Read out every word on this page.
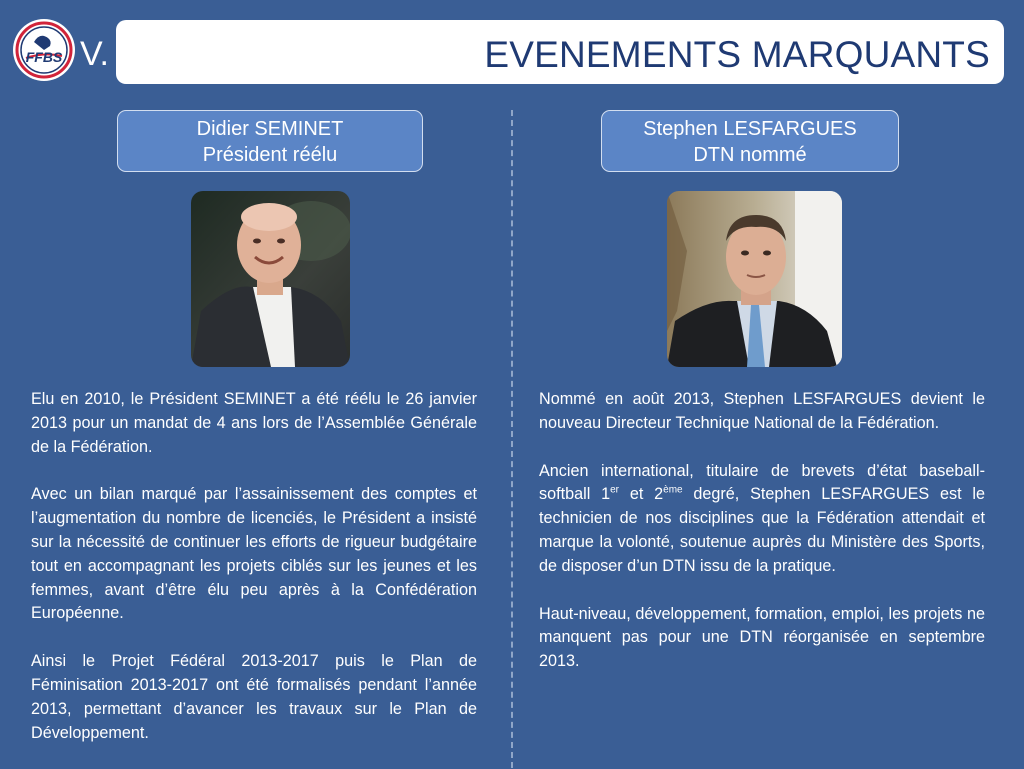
FFBS V.	EVENEMENTS MARQUANTS
Didier SEMINET
Président réélu

Elu en 2010, le Président SEMINET a été réélu le 26 janvier 2013 pour un mandat de 4 ans lors de l’Assemblée Générale de la Fédération.

Avec un bilan marqué par l’assainissement des comptes et l’augmentation du nombre de licenciés, le Président a insisté sur la nécessité de continuer les efforts de rigueur budgétaire tout en accompagnant les projets ciblés sur les jeunes et les femmes, avant d’être élu peu après à la Confédération Européenne.

Ainsi le Projet Fédéral 2013-2017 puis le Plan de Féminisation 2013-2017 ont été formalisés pendant l’année 2013, permettant d’avancer les travaux sur le Plan de Développement.

Stephen LESFARGUES
DTN nommé

Nommé en août 2013, Stephen LESFARGUES devient le nouveau Directeur Technique National de la Fédération.

Ancien international, titulaire de brevets d’état baseball-softball 1er et 2ème degré, Stephen LESFARGUES est le technicien de nos disciplines que la Fédération attendait et marque la volonté, soutenue auprès du Ministère des Sports, de disposer d’un DTN issu de la pratique.

Haut-niveau, développement, formation, emploi, les projets ne manquent pas pour une DTN réorganisée en septembre 2013.
